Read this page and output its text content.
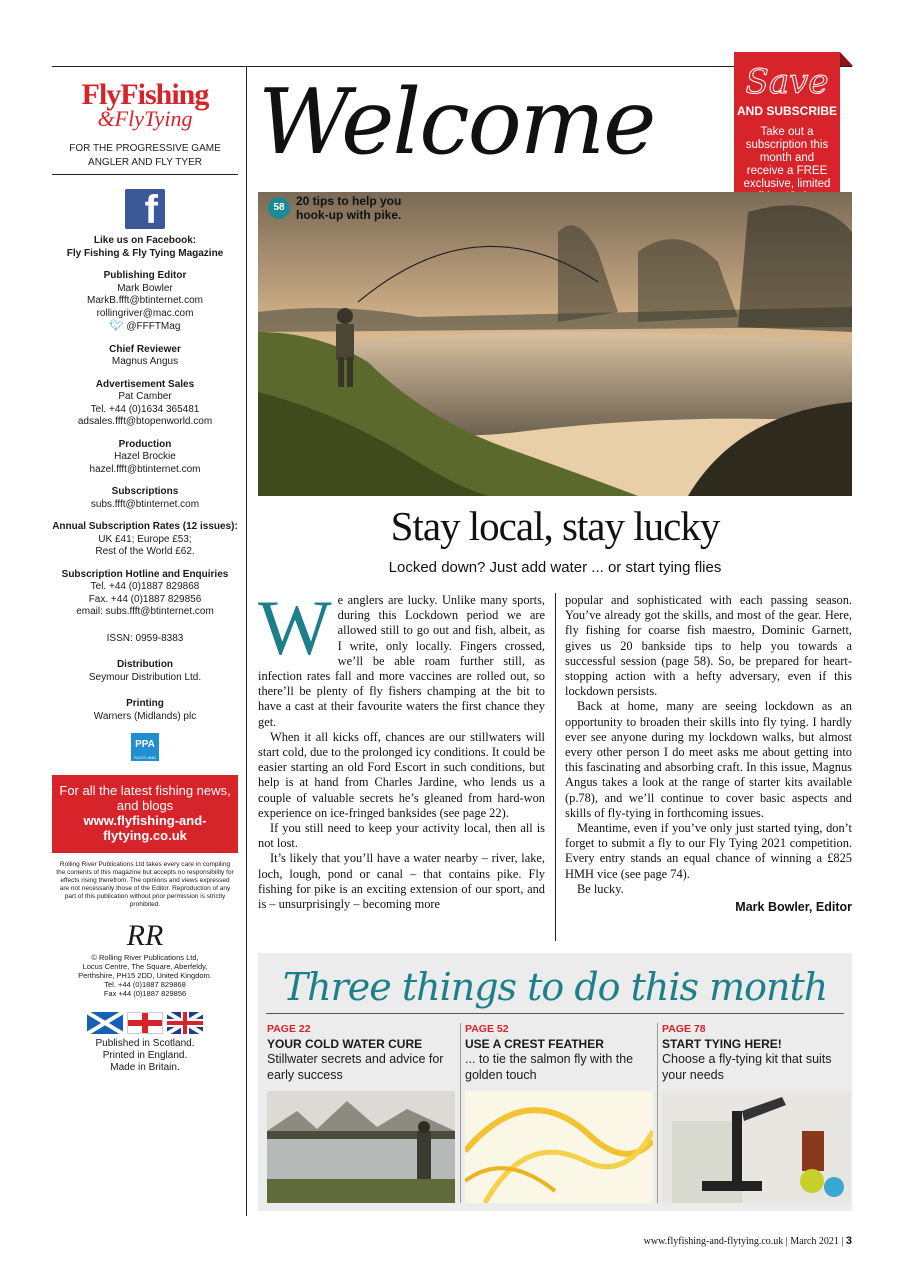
FlyFishing
&FlyTying
FOR THE PROGRESSIVE GAME ANGLER AND FLY TYER
f
Like us on Facebook:
Fly Fishing & Fly Tying Magazine
Publishing Editor
Mark Bowler
MarkB.ffft@btinternet.com
rollingriver@mac.com
🐦︎ @FFFTMag
Chief Reviewer
Magnus Angus
Advertisement Sales
Pat Camber
Tel. +44 (0)1634 365481
adsales.ffft@btopenworld.com
Production
Hazel Brockie
hazel.ffft@btinternet.com
Subscriptions
subs.ffft@btinternet.com
Annual Subscription Rates (12 issues):
UK £41; Europe £53;
Rest of the World £62.
Subscription Hotline and Enquiries
Tel. +44 (0)1887 829868
Fax. +44 (0)1887 829856
email: subs.ffft@btinternet.com
ISSN: 0959-8383
Distribution
Seymour Distribution Ltd.
Printing
Warners (Midlands) plc
PPA
SCOTLAND
For all the latest fishing news, and blogs
www.flyfishing-and-flytying.co.uk
Rolling River Publications Ltd takes every care in compiling the contents of this magazine but accepts no responsibility for effects rising therefrom. The opinions and views expressed are not necessarily those of the Editor. Reproduction of any part of this publication without prior permission is strictly prohibited.
RR
© Rolling River Publications Ltd,
Locus Centre, The Square, Aberfeldy,
Perthshire, PH15 2DD, United Kingdom.
Tel. +44 (0)1887 829868
Fax +44 (0)1887 829856
Published in Scotland.
Printed in England.
Made in Britain.
Welcome	Save
AND SUBSCRIBE
Take out a subscription this month and receive a FREE exclusive, limited
58 20 tips to help you
hook-up with pike.
Stay local, stay lucky
Locked down? Just add water ... or start tying flies

We anglers are lucky. Unlike many sports, during this Lockdown period we are allowed still to go out and fish, albeit, as I write, only locally. Fingers crossed, we’ll be able roam further still, as infection rates fall and more vaccines are rolled out, so there’ll be plenty of fly fishers champing at the bit to have a cast at their favourite waters the first chance they get.

When it all kicks off, chances are our stillwaters will start cold, due to the prolonged icy conditions. It could be easier starting an old Ford Escort in such conditions, but help is at hand from Charles Jardine, who lends us a couple of valuable secrets he’s gleaned from hard-won experience on ice-fringed banksides (see page 22).

If you still need to keep your activity local, then all is not lost.

It’s likely that you’ll have a water nearby – river, lake, loch, lough, pond or canal – that contains pike. Fly fishing for pike is an exciting extension of our sport, and is – unsurprisingly – becoming more

popular and sophisticated with each passing season. You’ve already got the skills, and most of the gear. Here, fly fishing for coarse fish maestro, Dominic Garnett, gives us 20 bankside tips to help you towards a successful session (page 58). So, be prepared for heart-stopping action with a hefty adversary, even if this lockdown persists.

Back at home, many are seeing lockdown as an opportunity to broaden their skills into fly tying. I hardly ever see anyone during my lockdown walks, but almost every other person I do meet asks me about getting into this fascinating and absorbing craft. In this issue, Magnus Angus takes a look at the range of starter kits available (p.78), and we’ll continue to cover basic aspects and skills of fly-tying in forthcoming issues.

Meantime, even if you’ve only just started tying, don’t forget to submit a fly to our Fly Tying 2021 competition. Every entry stands an equal chance of winning a £825 HMH vice (see page 74).

Be lucky.

Mark Bowler, Editor
Three things to do this month
PAGE 22
YOUR COLD WATER CURE
Stillwater secrets and advice for early success
PAGE 52
USE A CREST FEATHER
... to tie the salmon fly with the golden touch
PAGE 78
START TYING HERE!
Choose a fly-tying kit that suits your needs
www.flyfishing-and-flytying.co.uk | March 2021 | 3
